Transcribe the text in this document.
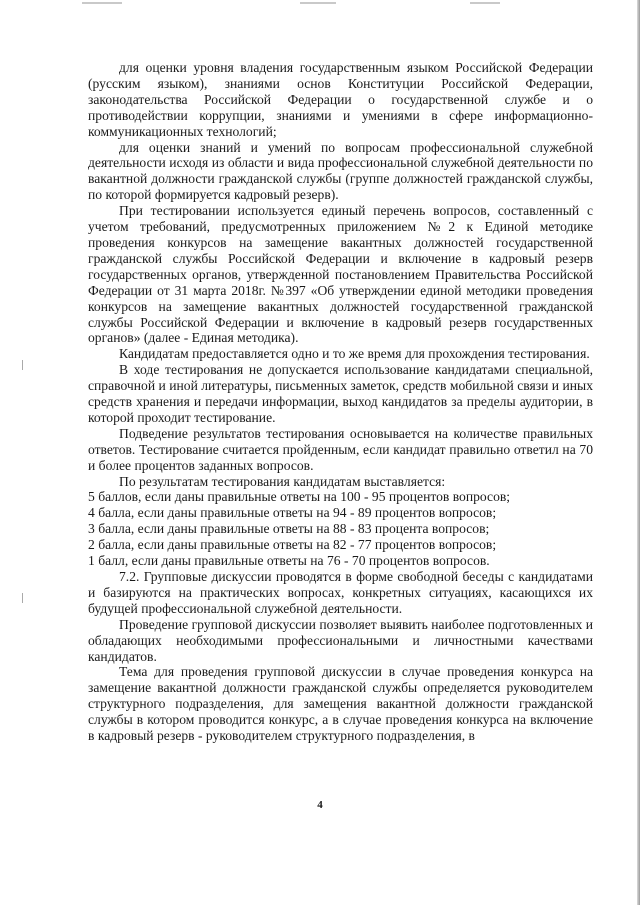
для оценки уровня владения государственным языком Российской Федерации (русским языком), знаниями основ Конституции Российской Федерации, законодательства Российской Федерации о государственной службе и о противодействии коррупции, знаниями и умениями в сфере информационно-коммуникационных технологий;

для оценки знаний и умений по вопросам профессиональной служебной деятельности исходя из области и вида профессиональной служебной деятельности по вакантной должности гражданской службы (группе должностей гражданской службы, по которой формируется кадровый резерв).

При тестировании используется единый перечень вопросов, составленный с учетом требований, предусмотренных приложением №2 к Единой методике проведения конкурсов на замещение вакантных должностей государственной гражданской службы Российской Федерации и включение в кадровый резерв государственных органов, утвержденной постановлением Правительства Российской Федерации от 31 марта 2018г. №397 «Об утверждении единой методики проведения конкурсов на замещение вакантных должностей государственной гражданской службы Российской Федерации и включение в кадровый резерв государственных органов» (далее - Единая методика).

Кандидатам предоставляется одно и то же время для прохождения тестирования.

В ходе тестирования не допускается использование кандидатами специальной, справочной и иной литературы, письменных заметок, средств мобильной связи и иных средств хранения и передачи информации, выход кандидатов за пределы аудитории, в которой проходит тестирование.

Подведение результатов тестирования основывается на количестве правильных ответов. Тестирование считается пройденным, если кандидат правильно ответил на 70 и более процентов заданных вопросов.

По результатам тестирования кандидатам выставляется:

5 баллов, если даны правильные ответы на 100 - 95 процентов вопросов;

4 балла, если даны правильные ответы на 94 - 89 процентов вопросов;

3 балла, если даны правильные ответы на 88 - 83 процента вопросов;

2 балла, если даны правильные ответы на 82 - 77 процентов вопросов;

1 балл, если даны правильные ответы на 76 - 70 процентов вопросов.

7.2. Групповые дискуссии проводятся в форме свободной беседы с кандидатами и базируются на практических вопросах, конкретных ситуациях, касающихся их будущей профессиональной служебной деятельности.

Проведение групповой дискуссии позволяет выявить наиболее подготовленных и обладающих необходимыми профессиональными и личностными качествами кандидатов.

Тема для проведения групповой дискуссии в случае проведения конкурса на замещение вакантной должности гражданской службы определяется руководителем структурного подразделения, для замещения вакантной должности гражданской службы в котором проводится конкурс, а в случае проведения конкурса на включение в кадровый резерв - руководителем структурного подразделения, в

4
